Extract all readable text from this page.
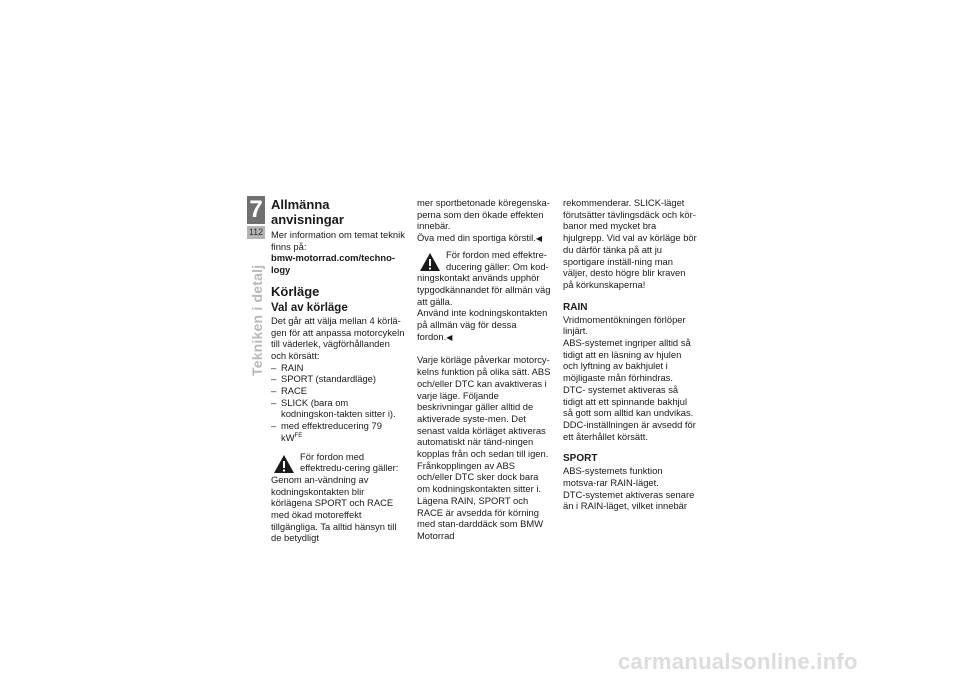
7
112
Tekniken i detalj
Allmänna anvisningar

Mer information om temat teknik finns på:

bmw-motorrad.com/techno-logy

Körläge
Val av körläge

Det går att välja mellan 4 körlä-gen för att anpassa motorcykeln till väderlek, vägförhållanden och körsätt:

– RAIN
– SPORT (standardläge)
– RACE
– SLICK (bara om kodningskon-takten sitter i).
– med effektreducering 79 $kW^{FE}$

För fordon med effektredu-cering gäller: Genom an-vändning av kodningskontakten blir körlägena SPORT och RACE med ökad motoreffekt tillgängliga. Ta alltid hänsyn till de betydligt

mer sportbetonade köregenska-perna som den ökade effekten innebär.

Öva med din sportiga körstil.◀

För fordon med effektre-ducering gäller: Om kod-ningskontakt används upphör typgodkännandet för allmän väg att gälla.

Använd inte kodningskontakten på allmän väg för dessa fordon.◀

Varje körläge påverkar motorcy-kelns funktion på olika sätt. ABS och/eller DTC kan avaktiveras i varje läge. Följande beskrivningar gäller alltid de aktiverade syste-men. Det senast valda körläget aktiveras automatiskt när tänd-ningen kopplas från och sedan till igen. Frånkopplingen av ABS och/eller DTC sker dock bara om kodningskontakten sitter i. Lägena RAIN, SPORT och RACE är avsedda för körning med stan-darddäck som BMW Motorrad

rekommenderar. SLICK-läget förutsätter tävlingsdäck och kör-banor med mycket bra hjulgrepp. Vid val av körläge bör du därför tänka på att ju sportigare inställ-ning man väljer, desto högre blir kraven på körkunskaperna!

RAIN

Vridmomentökningen förlöper linjärt.

ABS-systemet ingriper alltid så tidigt att en läsning av hjulen och lyftning av bakhjulet i möjligaste mån förhindras.

DTC- systemet aktiveras så tidigt att ett spinnande bakhjul så gott som alltid kan undvikas.

DDC-inställningen är avsedd för ett återhållet körsätt.

SPORT

ABS-systemets funktion motsva-rar RAIN-läget.

DTC-systemet aktiveras senare än i RAIN-läget, vilket innebär

carmanualsonline.info
